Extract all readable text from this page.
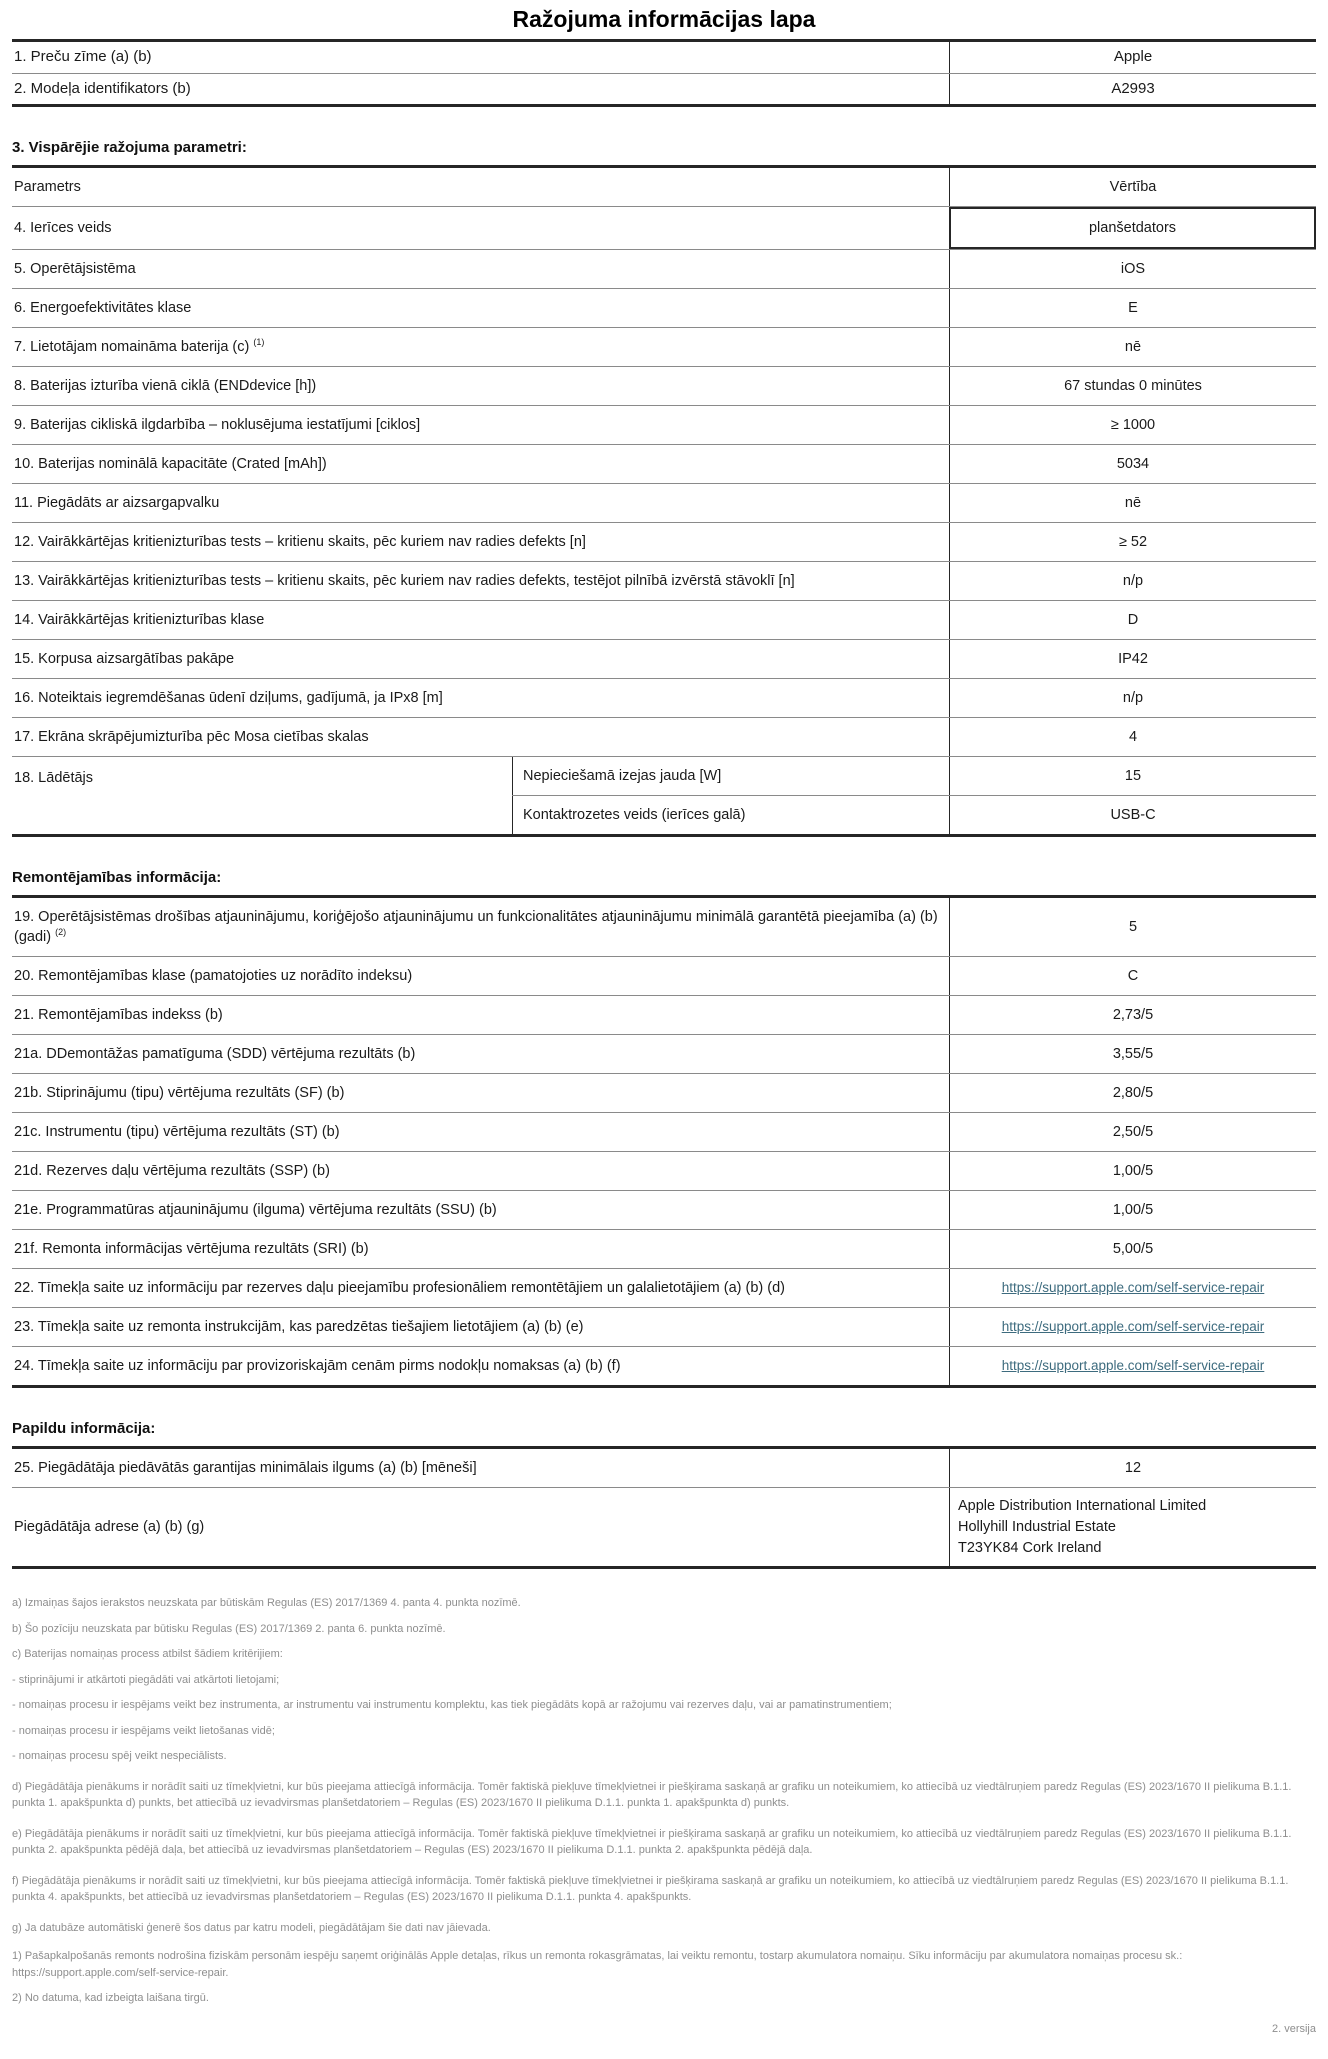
Ražojuma informācijas lapa
1. Preču zīme (a) (b)	Apple
2. Modeļa identifikators (b)	A2993
3. Vispārējie ražojuma parametri:
Parametrs	Vērtība
4. Ierīces veids	planšetdators
5. Operētājsistēma	iOS
6. Energoefektivitātes klase	E
7. Lietotājam nomaināma baterija (c) $^{(1)}$	nē
8. Baterijas izturība vienā ciklā (ENDdevice [h])	67 stundas 0 minūtes
9. Baterijas cikliskā ilgdarbība – noklusējuma iestatījumi [ciklos]	≥ 1000
10. Baterijas nominālā kapacitāte (Crated [mAh])	5034
11. Piegādāts ar aizsargapvalku	nē
12. Vairākkārtējas kritienizturības tests – kritienu skaits, pēc kuriem nav radies defekts [n]	≥ 52
13. Vairākkārtējas kritienizturības tests – kritienu skaits, pēc kuriem nav radies defekts, testējot pilnībā izvērstā stāvoklī [n]	n/p
14. Vairākkārtējas kritienizturības klase	D
15. Korpusa aizsargātības pakāpe	IP42
16. Noteiktais iegremdēšanas ūdenī dziļums, gadījumā, ja IPx8 [m]	n/p
17. Ekrāna skrāpējumizturība pēc Mosa cietības skalas	4
18. Lādētājs	Nepieciešamā izejas jauda [W]	15
Kontaktrozetes veids (ierīces galā)	USB-C
Remontējamības informācija:
19. Operētājsistēmas drošības atjauninājumu, koriģējošo atjauninājumu un funkcionalitātes atjauninājumu minimālā garantētā pieejamība (a) (b) (gadi) $^{(2)}$	5
20. Remontējamības klase (pamatojoties uz norādīto indeksu)	C
21. Remontējamības indekss (b)	2,73/5
21a. DDemontāžas pamatīguma (SDD) vērtējuma rezultāts (b)	3,55/5
21b. Stiprinājumu (tipu) vērtējuma rezultāts (SF) (b)	2,80/5
21c. Instrumentu (tipu) vērtējuma rezultāts (ST) (b)	2,50/5
21d. Rezerves daļu vērtējuma rezultāts (SSP) (b)	1,00/5
21e. Programmatūras atjauninājumu (ilguma) vērtējuma rezultāts (SSU) (b)	1,00/5
21f. Remonta informācijas vērtējuma rezultāts (SRI) (b)	5,00/5
22. Tīmekļa saite uz informāciju par rezerves daļu pieejamību profesionāliem remontētājiem un galalietotājiem (a) (b) (d)	https://support.apple.com/self-service-repair
23. Tīmekļa saite uz remonta instrukcijām, kas paredzētas tiešajiem lietotājiem (a) (b) (e)	https://support.apple.com/self-service-repair
24. Tīmekļa saite uz informāciju par provizoriskajām cenām pirms nodokļu nomaksas (a) (b) (f)	https://support.apple.com/self-service-repair
Papildu informācija:
25. Piegādātāja piedāvātās garantijas minimālais ilgums (a) (b) [mēneši]	12
Piegādātāja adrese (a) (b) (g)
Apple Distribution International Limited
Hollyhill Industrial Estate
T23YK84 Cork Ireland

a) Izmaiņas šajos ierakstos neuzskata par būtiskām Regulas (ES) 2017/1369 4. panta 4. punkta nozīmē.

b) Šo pozīciju neuzskata par būtisku Regulas (ES) 2017/1369 2. panta 6. punkta nozīmē.

c) Baterijas nomaiņas process atbilst šādiem kritērijiem:

- stiprinājumi ir atkārtoti piegādāti vai atkārtoti lietojami;

- nomaiņas procesu ir iespējams veikt bez instrumenta, ar instrumentu vai instrumentu komplektu, kas tiek piegādāts kopā ar ražojumu vai rezerves daļu, vai ar pamatinstrumentiem;

- nomaiņas procesu ir iespējams veikt lietošanas vidē;

- nomaiņas procesu spēj veikt nespeciālists.

d) Piegādātāja pienākums ir norādīt saiti uz tīmekļvietni, kur būs pieejama attiecīgā informācija. Tomēr faktiskā piekļuve tīmekļvietnei ir piešķirama saskaņā ar grafiku un noteikumiem, ko attiecībā uz viedtālruņiem paredz Regulas (ES) 2023/1670 II pielikuma B.1.1. punkta 1. apakšpunkta d) punkts, bet attiecībā uz ievadvirsmas planšetdatoriem – Regulas (ES) 2023/1670 II pielikuma D.1.1. punkta 1. apakšpunkta d) punkts.

e) Piegādātāja pienākums ir norādīt saiti uz tīmekļvietni, kur būs pieejama attiecīgā informācija. Tomēr faktiskā piekļuve tīmekļvietnei ir piešķirama saskaņā ar grafiku un noteikumiem, ko attiecībā uz viedtālruņiem paredz Regulas (ES) 2023/1670 II pielikuma B.1.1. punkta 2. apakšpunkta pēdējā daļa, bet attiecībā uz ievadvirsmas planšetdatoriem – Regulas (ES) 2023/1670 II pielikuma D.1.1. punkta 2. apakšpunkta pēdējā daļa.

f) Piegādātāja pienākums ir norādīt saiti uz tīmekļvietni, kur būs pieejama attiecīgā informācija. Tomēr faktiskā piekļuve tīmekļvietnei ir piešķirama saskaņā ar grafiku un noteikumiem, ko attiecībā uz viedtālruņiem paredz Regulas (ES) 2023/1670 II pielikuma B.1.1. punkta 4. apakšpunkts, bet attiecībā uz ievadvirsmas planšetdatoriem – Regulas (ES) 2023/1670 II pielikuma D.1.1. punkta 4. apakšpunkts.

g) Ja datubāze automātiski ģenerē šos datus par katru modeli, piegādātājam šie dati nav jāievada.

1) Pašapkalpošanās remonts nodrošina fiziskām personām iespēju saņemt oriģinālās Apple detaļas, rīkus un remonta rokasgrāmatas, lai veiktu remontu, tostarp akumulatora nomaiņu. Sīku informāciju par akumulatora nomaiņas procesu sk.: https://support.apple.com/self-service-repair.

2) No datuma, kad izbeigta laišana tirgū.

2. versija
